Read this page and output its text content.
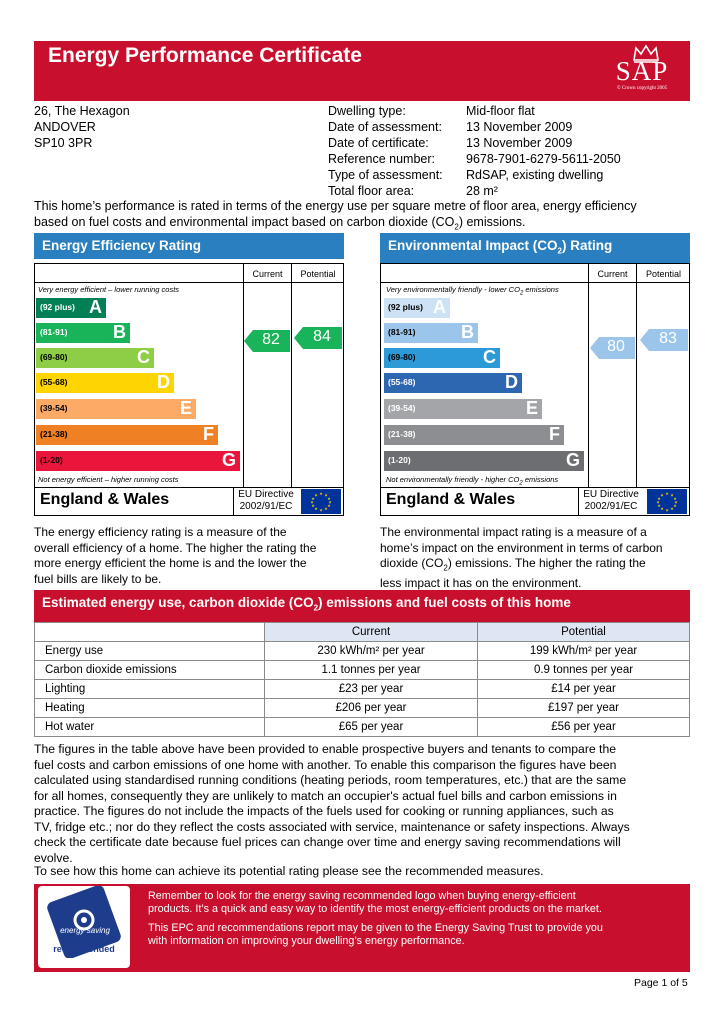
Energy Performance Certificate
SAP
© Crown copyright 2005
26, The Hexagon
ANDOVER
SP10 3PR
Dwelling type:	Mid-floor flat
Date of assessment:	13 November 2009
Date of certificate:	13 November 2009
Reference number:	9678-7901-6279-5611-2050
Type of assessment:	RdSAP, existing dwelling
Total floor area:	28 m²
This home’s performance is rated in terms of the energy use per square metre of floor area, energy efficiency
based on fuel costs and environmental impact based on carbon dioxide $(CO_2)$ emissions.
Energy Efficiency Rating
Current	Potential
Very energy efficient – lower running costs
Not energy efficient – higher running costs
(92 plus) A
(81-91)	B
(69-80)	C
(55-68)	D
(39-54)	E
(21-38)	F
(1-20)	G
82	84
England & Wales	EU Directive
2002/91/EC
★ ★
★
★
★
★
★
★
★
★
★
★
The energy efficiency rating is a measure of the
overall efficiency of a home. The higher the rating the
more energy efficient the home is and the lower the
fuel bills are likely to be.
Environmental Impact $(CO_2)$ Rating
Current	Potential
Very environmentally friendly - lower $CO_2$ emissions
Not environmentally friendly - higher $CO_2$ emissions
(92 plus) A
(81-91)	B
(69-80)	C
(55-68)	D
(39-54)	E
(21-38)	F
(1-20)	G
80	83
England & Wales	EU Directive
2002/91/EC
★ ★
★
★
★
★
★
★
★
★
★
★
The environmental impact rating is a measure of a
home’s impact on the environment in terms of carbon
dioxide $(CO_2)$ emissions. The higher the rating the
less impact it has on the environment.
Estimated energy use, carbon dioxide $(CO_2)$ emissions and fuel costs of this home
	Current	Potential
Energy use	230 kWh/m² per year	199 kWh/m² per year
Carbon dioxide emissions	1.1 tonnes per year	0.9 tonnes per year
Lighting	£23 per year	£14 per year
Heating	£206 per year	£197 per year
Hot water	£65 per year	£56 per year
The figures in the table above have been provided to enable prospective buyers and tenants to compare the
fuel costs and carbon emissions of one home with another. To enable this comparison the figures have been
calculated using standardised running conditions (heating periods, room temperatures, etc.) that are the same
for all homes, consequently they are unlikely to match an occupier's actual fuel bills and carbon emissions in
practice. The figures do not include the impacts of the fuels used for cooking or running appliances, such as
TV, fridge etc.; nor do they reflect the costs associated with service, maintenance or safety inspections. Always
check the certificate date because fuel prices can change over time and energy saving recommendations will
evolve.
To see how this home can achieve its potential rating please see the recommended measures.
energy saving
recommended
Certification mark
Remember to look for the energy saving recommended logo when buying energy-efficient
products. It’s a quick and easy way to identify the most energy-efficient products on the market.
This EPC and recommendations report may be given to the Energy Saving Trust to provide you
with information on improving your dwelling’s energy performance.
Page 1 of 5
